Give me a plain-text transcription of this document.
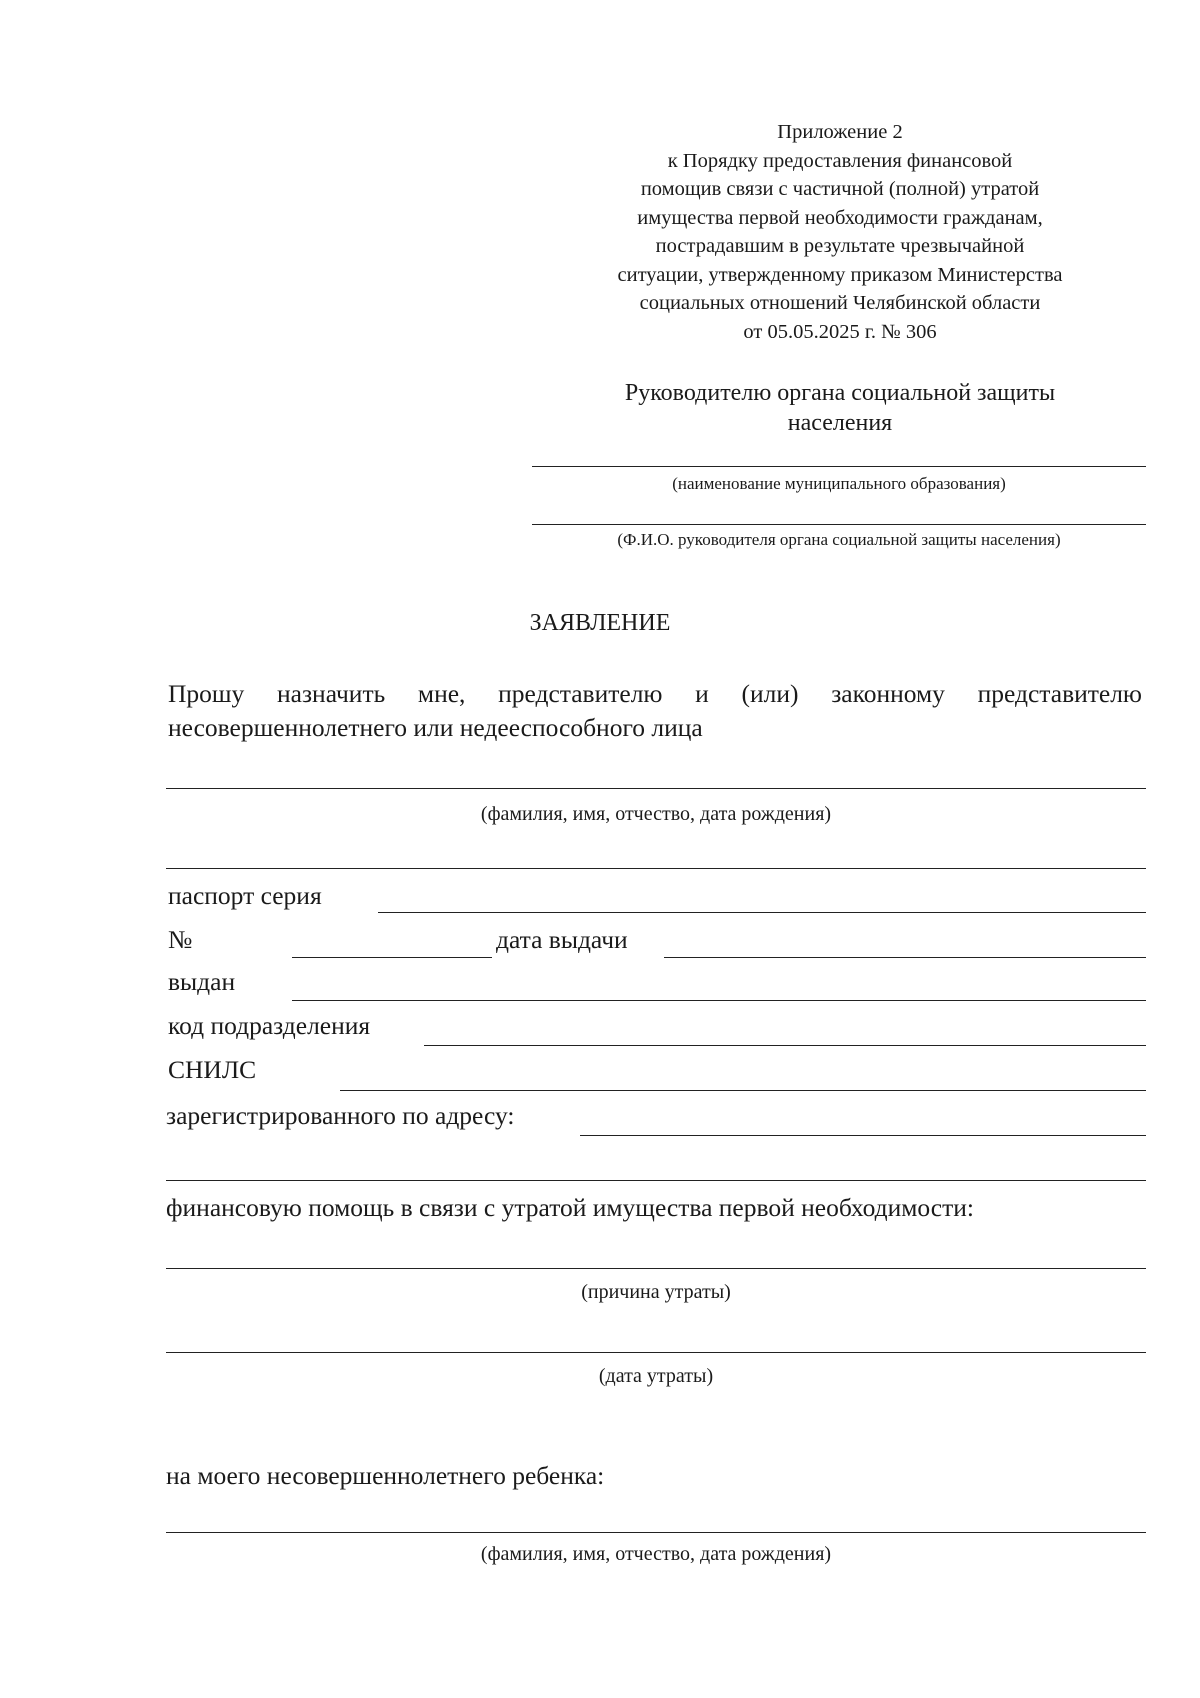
Приложение 2
к Порядку предоставления финансовой
помощив связи с частичной (полной) утратой
имущества первой необходимости гражданам,
пострадавшим в результате чрезвычайной
ситуации, утвержденному приказом Министерства
социальных отношений Челябинской области
от 05.05.2025 г. № 306
Руководителю органа социальной защиты
населения
(наименование муниципального образования)
(Ф.И.О. руководителя органа социальной защиты населения)
ЗАЯВЛЕНИЕ
Прошу назначить мне, представителю и (или) законному представителю
несовершеннолетнего или недееспособного лица
(фамилия, имя, отчество, дата рождения)
паспорт серия
№	дата выдачи
выдан
код подразделения
СНИЛС
зарегистрированного по адресу:
финансовую помощь в связи с утратой имущества первой необходимости:
(причина утраты)
(дата утраты)
на моего несовершеннолетнего ребенка:
(фамилия, имя, отчество, дата рождения)
